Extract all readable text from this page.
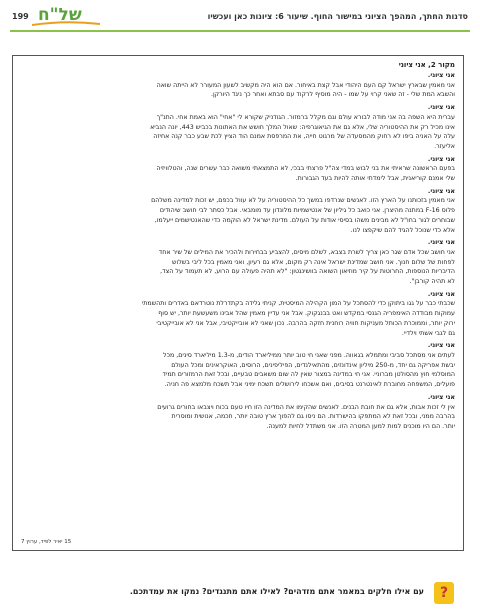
של"ח
199	סדנות החתך, המהפך הציוני במישור החוף. שיעור 6: ציונות כאן ועכשיו
מקור 2, אני ציוני
אני ציוני.
אני מאמין שבארץ ישראל קם העם היהודי אבל קצת באיחור. אם הוא היה מקשיב לשעון המעורר לא הייתה שואה
והשבא המת שלי - זה שאני קרוי על שמו - היה מוסיף לרקוד עם סבתא ואחר כך ניגד היורקן.
אני ציוני.
עברית היא השפה בה אני מודה לבורא עולם וגם מקלל ברמזור. הגודניק שקורא לי "אחי" הוא באמת אחי. התנ"ך
אינו מכיל רק את ההיסטוריה שלי, אלא גם את הגיאוגרפיה: שאול המלך חושש את האתונות בכביש 443, יונה הנביא
עלה על האניה ביפו לא רחוק מהמסעדה של מרגוט חייה, את המרפסת אמנם הוד הציץ לכת שבע כבר קנה אחיזה
אליעזר.
אני ציוני.
בפעם הראשונה שראיתי את בני לבוש במדי צה"ל פרצתי בבכי, לא התמצאתי משואה כבר עשרים שנה, והטלוויזיה
שלי אמנם קוריאנית, אבל לימדתי אותה להיות בעד הגבורות.
אני ציוני.
אני מאמין בזכותנו על הארץ הזו. לאנשים שנרדפו במשך כל ההיסטוריה על לא עוול בכפם, יש זכות למדינה משלהם
פלוס F-16 במתנה מהיצרן. אני כואב כל גיליון של אנטישמיות מלונדון עד מומבאי. אבל כסתר לבי חושב שיהודים
שבוחרים לגור בחו"ל לא מבינים משהו בסיסי אודות על העולם. מדינת ישראל לא הוקמה כדי שהאנטישמים ייעלמו,
אלא כדי שנוכל להגיד להם שיקפצו לנו.
אני ציוני.
אני חושב שכל אדם שגר כאן צריך לשרת בצבא, לשלם מיסים, להצביע בבחירות ולהכיר את המילים של שיר אחד
לפחות של שלום חנוך. אני חושב שמדינת ישראל אינה רק מקום, אלא גם רעיון, ואני מאמין בכל ליבי בשלוש
הדיבריות הנוספות, החרוטות על קיר מוזיאון השואה בוושינגטון: "לא תהיה פעולה עם הרוע, לא תעמוד על הצד,
לא תהיה קורבן".
אני ציוני.
שכבתי כבר על גגו ביתוקן כדי להסתכל על המון הקהילה המיסטית, קניתי גלידה בקתדרלת נוטרדאם באדרים ותהשמתי
עמוקות מבודדה האימפריה הגנסי במקדש ואט בבנגקוק. אבל אני עדיין מאמין שהל אבינו משעשעת יותר, יש סוף
ירוק יותר, וממוכרת הכותל מעניקות חוויה רוחנית חזקה בהרבה. נכון שאני לא אובייקטיבי, אבל אני לא אובייקטיבי
גם לגבי אשתי וילדיי.
אני ציוני.
לעתים אני מסתכל סביבי ומתמלא בגאווה. מפני שאני חי טוב יותר ממיליארד הודים, מ-1.3 מיליארד סינים, מכל
יבשת אפריקה גם יחד, מ-250 מיליון אינדונזים, מהתאילנדים, הפיליפינים, הרוסים, האוקראינים ומכל העולם
המוסלמי חוץ מהסולטן מברוניי. אני חי במדינה במצור שאין לה שום משאבים טבעיים, ובכל זאת הרמזורים תמיד
פועלים, המשפחה מחוברת לאינטרנט בסיבים, ואם אשכחו לירושלים תשכח ימיני אבל תשכח מלמצא פה חניה.
אני ציוני.
אין לי זכות אבות, אלא גם את חובת הבנים. לאנשים שהקימו את המדינה הזו חיו טעם בכוח ויצבאו בחורים גרועים
בהרבה ממני, ובכל זאת לא המתפקו בהישרדות. הם ניסו גם להפוך ארץ טובה יותר, חכמה, אנושית ומוסרית
יותר. הם היו מוכנים למות למען המטרה הזו. אני משתדל לחיות למענה.
15 יאיר לפיד, ערוץ 7
?
עם אילו חלקים במאמר אתם מזדהים? לאילו אתם מתנגדים? נמקו את עמדתכם.
